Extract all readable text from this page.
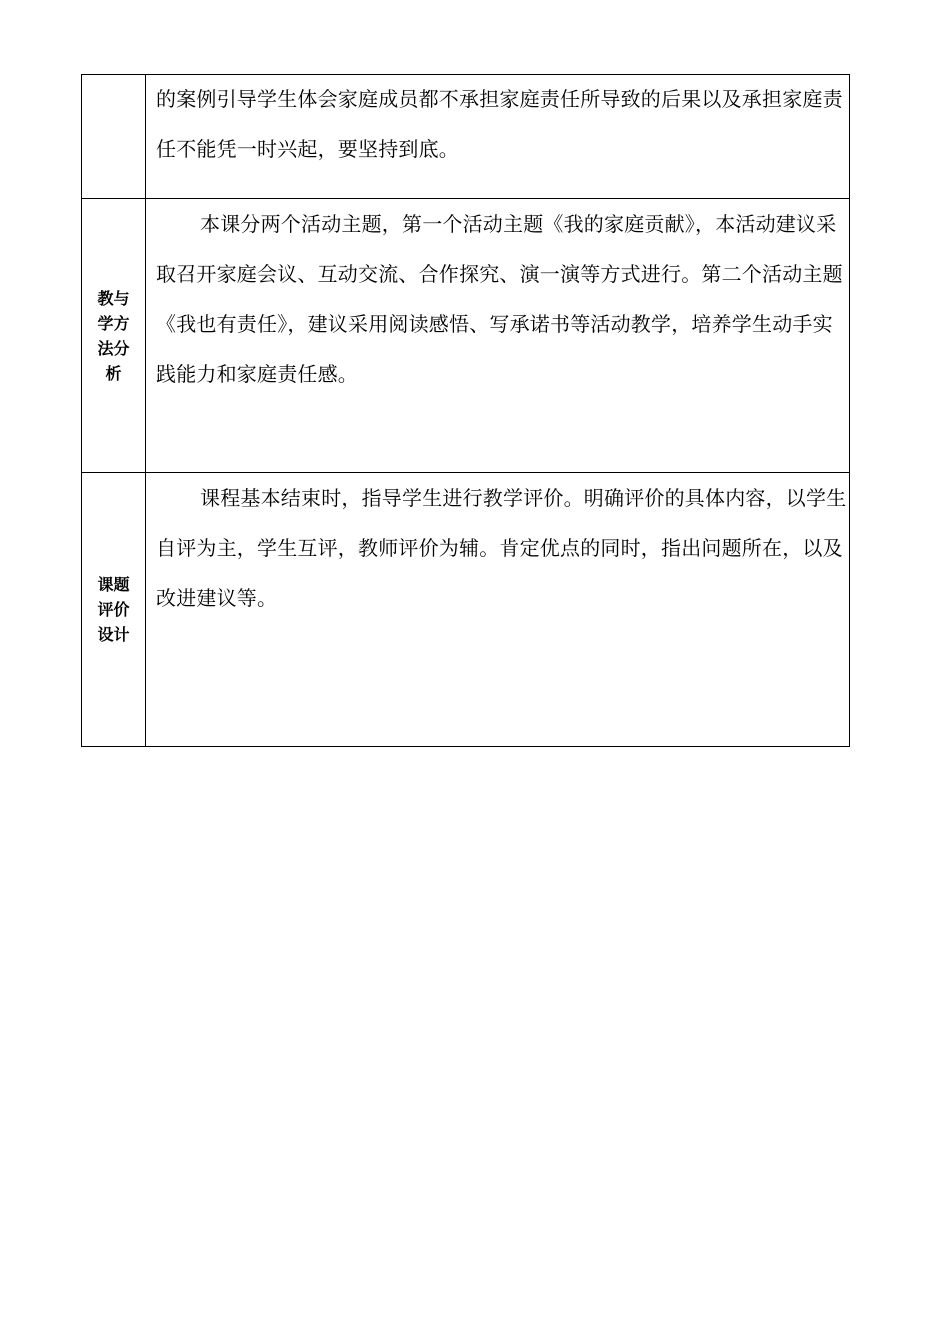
	的案例引导学生体会家庭成员都不承担家庭责任所导致的后果以及承担家庭责任不能凭一时兴起，要坚持到底。

教与学方法分析	本课分两个活动主题，第一个活动主题《我的家庭贡献》，本活动建议采取召开家庭会议、互动交流、合作探究、演一演等方式进行。第二个活动主题《我也有责任》，建议采用阅读感悟、写承诺书等活动教学，培养学生动手实践能力和家庭责任感。

课题评价设计	课程基本结束时，指导学生进行教学评价。明确评价的具体内容，以学生自评为主，学生互评，教师评价为辅。肯定优点的同时，指出问题所在，以及改进建议等。
